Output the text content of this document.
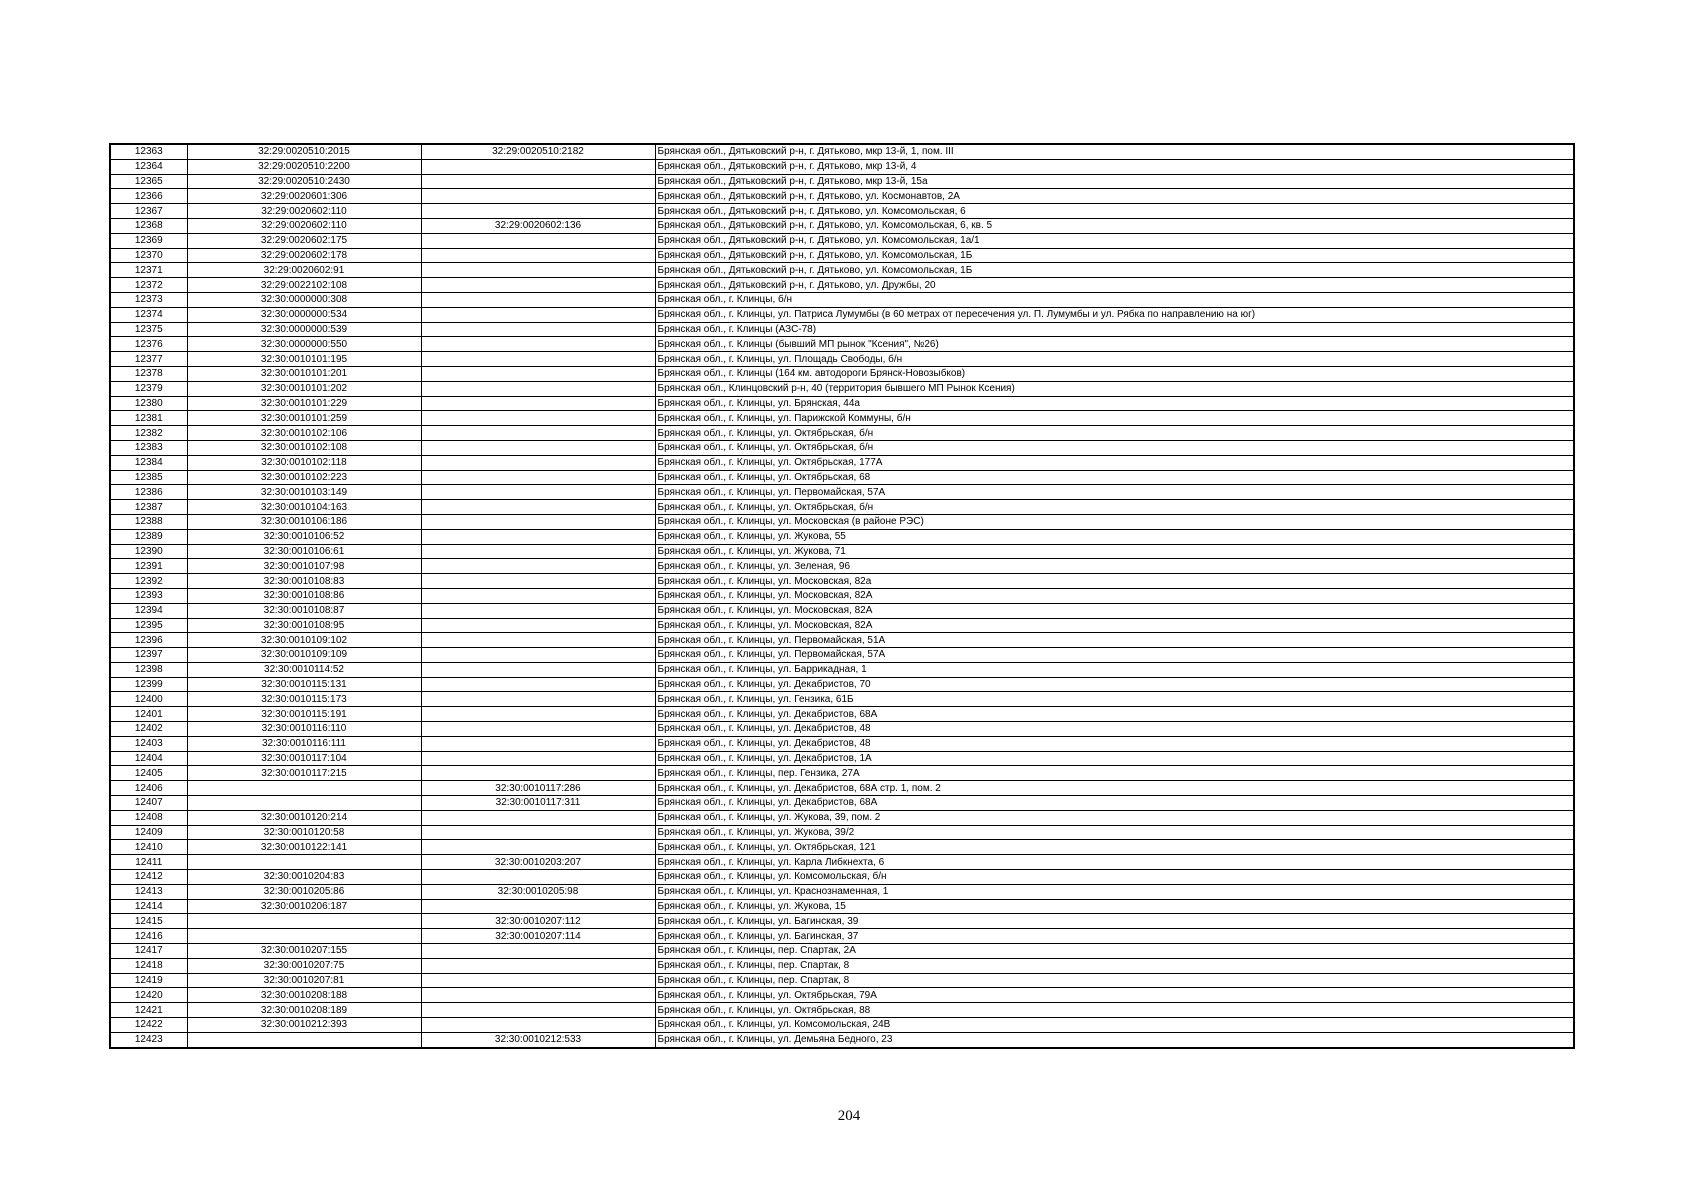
12363	32:29:0020510:2015	32:29:0020510:2182	Брянская обл., Дятьковский р-н, г. Дятьково, мкр 13-й, 1, пом. III
12364	32:29:0020510:2200		Брянская обл., Дятьковский р-н, г. Дятьково, мкр 13-й, 4
12365	32:29:0020510:2430		Брянская обл., Дятьковский р-н, г. Дятьково, мкр 13-й, 15а
12366	32:29:0020601:306		Брянская обл., Дятьковский р-н, г. Дятьково, ул. Космонавтов, 2А
12367	32:29:0020602:110		Брянская обл., Дятьковский р-н, г. Дятьково, ул. Комсомольская, 6
12368	32:29:0020602:110	32:29:0020602:136	Брянская обл., Дятьковский р-н, г. Дятьково, ул. Комсомольская, 6, кв. 5
12369	32:29:0020602:175		Брянская обл., Дятьковский р-н, г. Дятьково, ул. Комсомольская, 1а/1
12370	32:29:0020602:178		Брянская обл., Дятьковский р-н, г. Дятьково, ул. Комсомольская, 1Б
12371	32:29:0020602:91		Брянская обл., Дятьковский р-н, г. Дятьково, ул. Комсомольская, 1Б
12372	32:29:0022102:108		Брянская обл., Дятьковский р-н, г. Дятьково, ул. Дружбы, 20
12373	32:30:0000000:308		Брянская обл., г. Клинцы, б/н
12374	32:30:0000000:534		Брянская обл., г. Клинцы, ул. Патриса Лумумбы (в 60 метрах от пересечения ул. П. Лумумбы и ул. Рябка по направлению на юг)
12375	32:30:0000000:539		Брянская обл., г. Клинцы (АЗС-78)
12376	32:30:0000000:550		Брянская обл., г. Клинцы (бывший МП рынок "Ксения", №26)
12377	32:30:0010101:195		Брянская обл., г. Клинцы, ул. Площадь Свободы, б/н
12378	32:30:0010101:201		Брянская обл., г. Клинцы (164 км. автодороги Брянск-Новозыбков)
12379	32:30:0010101:202		Брянская обл., Клинцовский р-н, 40 (территория бывшего МП Рынок Ксения)
12380	32:30:0010101:229		Брянская обл., г. Клинцы, ул. Брянская, 44а
12381	32:30:0010101:259		Брянская обл., г. Клинцы, ул. Парижской Коммуны, б/н
12382	32:30:0010102:106		Брянская обл., г. Клинцы, ул. Октябрьская, б/н
12383	32:30:0010102:108		Брянская обл., г. Клинцы, ул. Октябрьская, б/н
12384	32:30:0010102:118		Брянская обл., г. Клинцы, ул. Октябрьская, 177А
12385	32:30:0010102:223		Брянская обл., г. Клинцы, ул. Октябрьская, 68
12386	32:30:0010103:149		Брянская обл., г. Клинцы, ул. Первомайская, 57А
12387	32:30:0010104:163		Брянская обл., г. Клинцы, ул. Октябрьская, б/н
12388	32:30:0010106:186		Брянская обл., г. Клинцы, ул. Московская (в районе РЭС)
12389	32:30:0010106:52		Брянская обл., г. Клинцы, ул. Жукова, 55
12390	32:30:0010106:61		Брянская обл., г. Клинцы, ул. Жукова, 71
12391	32:30:0010107:98		Брянская обл., г. Клинцы, ул. Зеленая, 96
12392	32:30:0010108:83		Брянская обл., г. Клинцы, ул. Московская, 82а
12393	32:30:0010108:86		Брянская обл., г. Клинцы, ул. Московская, 82А
12394	32:30:0010108:87		Брянская обл., г. Клинцы, ул. Московская, 82А
12395	32:30:0010108:95		Брянская обл., г. Клинцы, ул. Московская, 82А
12396	32:30:0010109:102		Брянская обл., г. Клинцы, ул. Первомайская, 51А
12397	32:30:0010109:109		Брянская обл., г. Клинцы, ул. Первомайская, 57А
12398	32:30:0010114:52		Брянская обл., г. Клинцы, ул. Баррикадная, 1
12399	32:30:0010115:131		Брянская обл., г. Клинцы, ул. Декабристов, 70
12400	32:30:0010115:173		Брянская обл., г. Клинцы, ул. Гензика, 61Б
12401	32:30:0010115:191		Брянская обл., г. Клинцы, ул. Декабристов, 68А
12402	32:30:0010116:110		Брянская обл., г. Клинцы, ул. Декабристов, 48
12403	32:30:0010116:111		Брянская обл., г. Клинцы, ул. Декабристов, 48
12404	32:30:0010117:104		Брянская обл., г. Клинцы, ул. Декабристов, 1А
12405	32:30:0010117:215		Брянская обл., г. Клинцы, пер. Гензика, 27А
12406		32:30:0010117:286	Брянская обл., г. Клинцы, ул. Декабристов, 68А стр. 1, пом. 2
12407		32:30:0010117:311	Брянская обл., г. Клинцы, ул. Декабристов, 68А
12408	32:30:0010120:214		Брянская обл., г. Клинцы, ул. Жукова, 39, пом. 2
12409	32:30:0010120:58		Брянская обл., г. Клинцы, ул. Жукова, 39/2
12410	32:30:0010122:141		Брянская обл., г. Клинцы, ул. Октябрьская, 121
12411		32:30:0010203:207	Брянская обл., г. Клинцы, ул. Карла Либкнехта, 6
12412	32:30:0010204:83		Брянская обл., г. Клинцы, ул. Комсомольская, б/н
12413	32:30:0010205:86	32:30:0010205:98	Брянская обл., г. Клинцы, ул. Краснознаменная, 1
12414	32:30:0010206:187		Брянская обл., г. Клинцы, ул. Жукова, 15
12415		32:30:0010207:112	Брянская обл., г. Клинцы, ул. Багинская, 39
12416		32:30:0010207:114	Брянская обл., г. Клинцы, ул. Багинская, 37
12417	32:30:0010207:155		Брянская обл., г. Клинцы, пер. Спартак, 2А
12418	32:30:0010207:75		Брянская обл., г. Клинцы, пер. Спартак, 8
12419	32:30:0010207:81		Брянская обл., г. Клинцы, пер. Спартак, 8
12420	32:30:0010208:188		Брянская обл., г. Клинцы, ул. Октябрьская, 79А
12421	32:30:0010208:189		Брянская обл., г. Клинцы, ул. Октябрьская, 88
12422	32:30:0010212:393		Брянская обл., г. Клинцы, ул. Комсомольская, 24В
12423		32:30:0010212:533	Брянская обл., г. Клинцы, ул. Демьяна Бедного, 23
204
